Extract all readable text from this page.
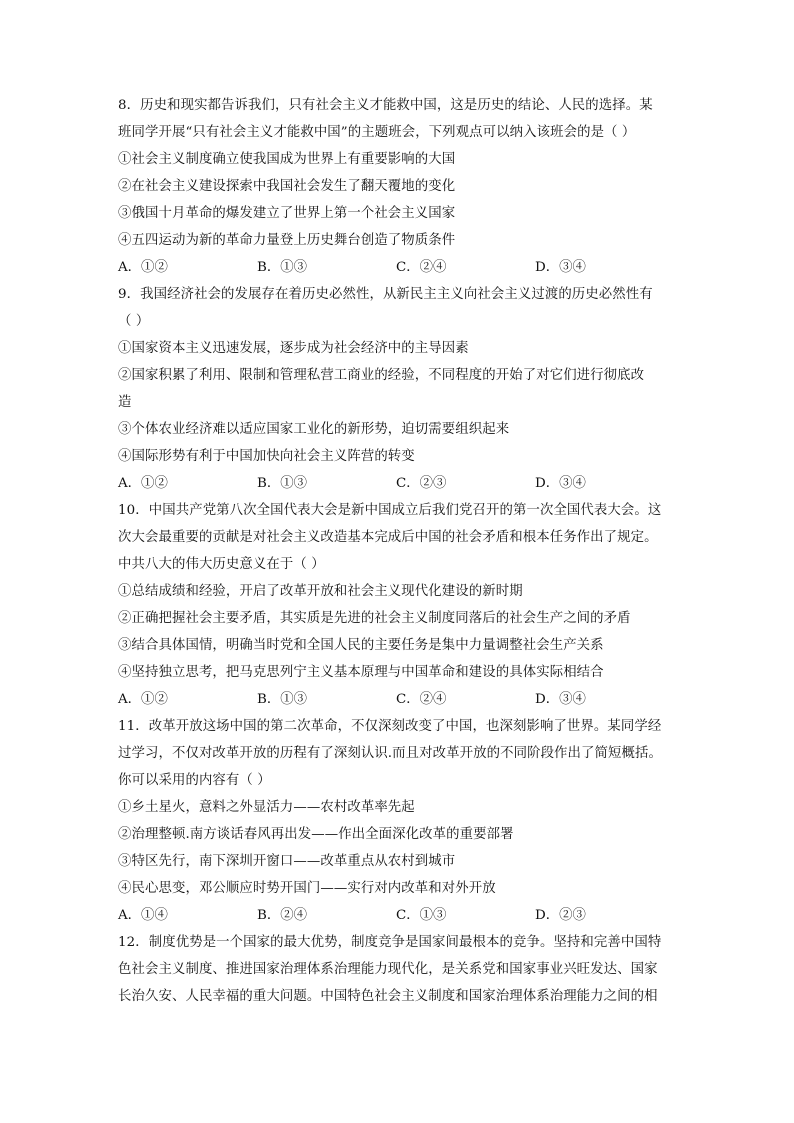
8．历史和现实都告诉我们，只有社会主义才能救中国，这是历史的结论、人民的选择。某
班同学开展“只有社会主义才能救中国”的主题班会，下列观点可以纳入该班会的是（ ）
①社会主义制度确立使我国成为世界上有重要影响的大国
②在社会主义建设探索中我国社会发生了翻天覆地的变化
③俄国十月革命的爆发建立了世界上第一个社会主义国家
④五四运动为新的革命力量登上历史舞台创造了物质条件
A．①②	B．①③	C．②④	D．③④
9．我国经济社会的发展存在着历史必然性，从新民主主义向社会主义过渡的历史必然性有
（ ）
①国家资本主义迅速发展，逐步成为社会经济中的主导因素
②国家积累了利用、限制和管理私营工商业的经验，不同程度的开始了对它们进行彻底改
造
③个体农业经济难以适应国家工业化的新形势，迫切需要组织起来
④国际形势有利于中国加快向社会主义阵营的转变
A．①②	B．①③	C．②③	D．③④
10．中国共产党第八次全国代表大会是新中国成立后我们党召开的第一次全国代表大会。这
次大会最重要的贡献是对社会主义改造基本完成后中国的社会矛盾和根本任务作出了规定。
中共八大的伟大历史意义在于（ ）
①总结成绩和经验，开启了改革开放和社会主义现代化建设的新时期
②正确把握社会主要矛盾，其实质是先进的社会主义制度同落后的社会生产之间的矛盾
③结合具体国情，明确当时党和全国人民的主要任务是集中力量调整社会生产关系
④坚持独立思考，把马克思列宁主义基本原理与中国革命和建设的具体实际相结合
A．①②	B．①③	C．②④	D．③④
11．改革开放这场中国的第二次革命，不仅深刻改变了中国，也深刻影响了世界。某同学经
过学习，不仅对改革开放的历程有了深刻认识.而且对改革开放的不同阶段作出了简短概括。
你可以采用的内容有（ ）
①乡土星火，意料之外显活力——农村改革率先起
②治理整顿.南方谈话春风再出发——作出全面深化改革的重要部署
③特区先行，南下深圳开窗口——改革重点从农村到城市
④民心思变，邓公顺应时势开国门——实行对内改革和对外开放
A．①④	B．②④	C．①③	D．②③
12．制度优势是一个国家的最大优势，制度竞争是国家间最根本的竞争。坚持和完善中国特
色社会主义制度、推进国家治理体系治理能力现代化，是关系党和国家事业兴旺发达、国家
长治久安、人民幸福的重大问题。中国特色社会主义制度和国家治理体系治理能力之间的相
